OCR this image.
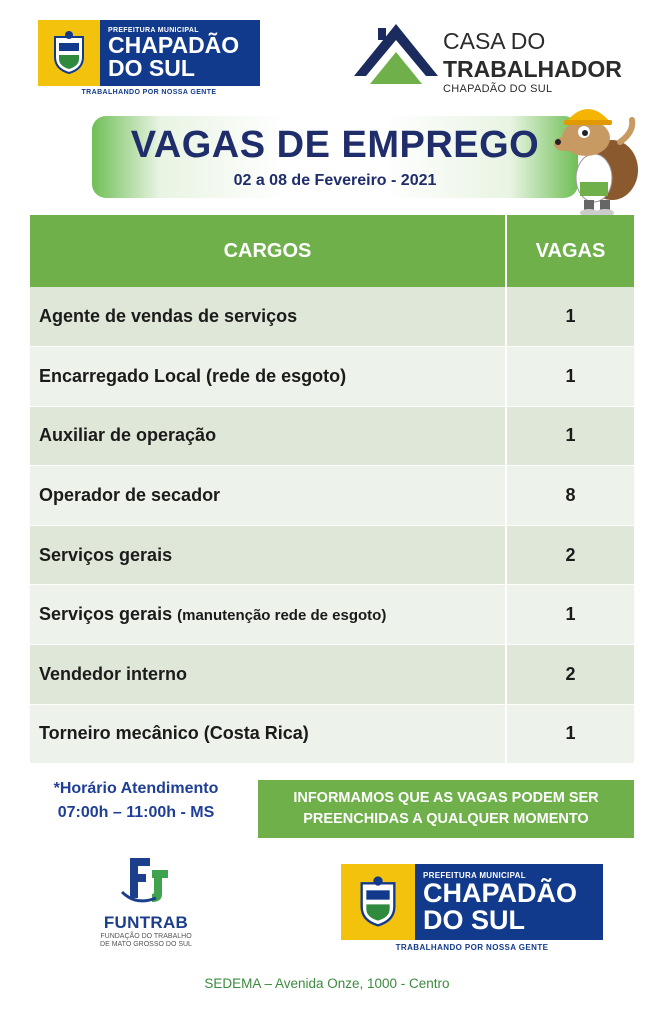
PREFEITURA MUNICIPAL
CHAPADÃO
DO SUL
TRABALHANDO POR NOSSA GENTE
CASA DO
TRABALHADOR
CHAPADÃO DO SUL
VAGAS DE EMPREGO
02 a 08 de Fevereiro - 2021
CARGOS	VAGAS
Agente de vendas de serviços	1
Encarregado Local (rede de esgoto)	1
Auxiliar de operação	1
Operador de secador	8
Serviços gerais	2
Serviços gerais (manutenção rede de esgoto)	1
Vendedor interno	2
Torneiro mecânico (Costa Rica)	1
*Horário Atendimento
07:00h – 11:00h - MS
INFORMAMOS QUE AS VAGAS PODEM SER
PREENCHIDAS A QUALQUER MOMENTO
FUNTRAB
FUNDAÇÃO DO TRABALHO
DE MATO GROSSO DO SUL
PREFEITURA MUNICIPAL
CHAPADÃO
DO SUL
TRABALHANDO POR NOSSA GENTE
SEDEMA – Avenida Onze, 1000 - Centro
